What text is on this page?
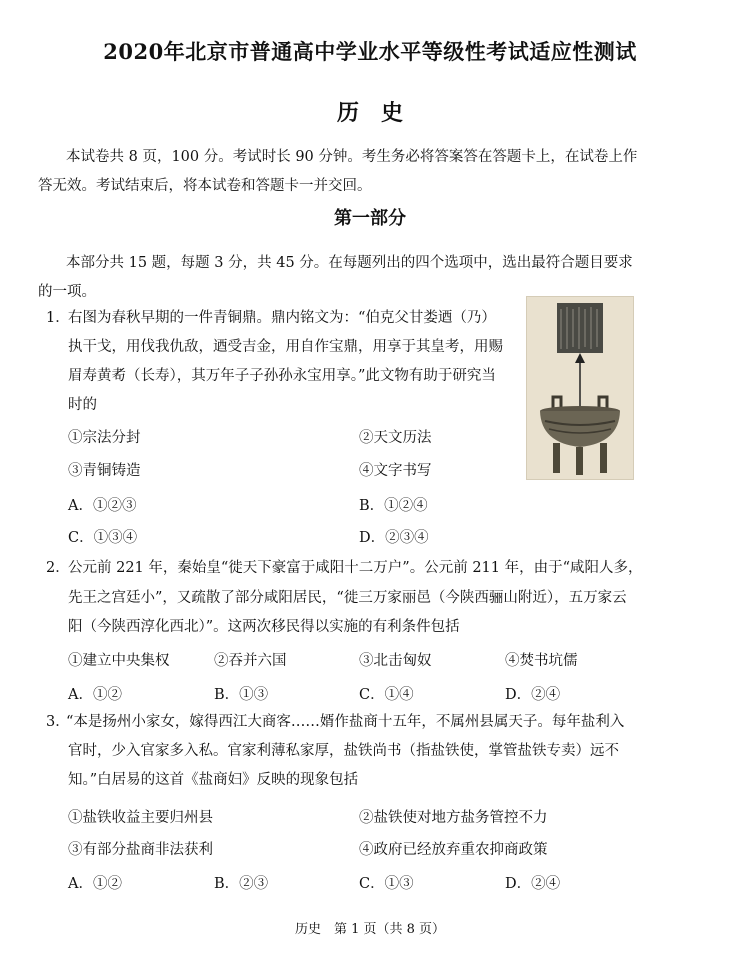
2020年北京市普通高中学业水平等级性考试适应性测试
历史
本试卷共 8 页，100 分。考试时长 90 分钟。考生务必将答案答在答题卡上，在试卷上作
答无效。考试结束后，将本试卷和答题卡一并交回。
第一部分
本部分共 15 题，每题 3 分，共 45 分。在每题列出的四个选项中，选出最符合题目要求
的一项。
1．
右图为春秋早期的一件青铜鼎。鼎内铭文为：“伯克父甘娄迺（乃）
执干戈，用伐我仇敌，迺受吉金，用自作宝鼎，用享于其皇考，用赐
眉寿黄耇（长寿），其万年子子孙孙永宝用享。”此文物有助于研究当
时的
①宗法分封	②天文历法
③青铜铸造	④文字书写
A．①②③	B．①②④
C．①③④	D．②③④
2．
公元前 221 年，秦始皇“徙天下豪富于咸阳十二万户”。公元前 211 年，由于“咸阳人多，
先王之宫廷小”，又疏散了部分咸阳居民，“徙三万家丽邑（今陕西骊山附近），五万家云
阳（今陕西淳化西北）”。这两次移民得以实施的有利条件包括
①建立中央集权	②吞并六国	③北击匈奴	④焚书坑儒
A．①②	B．①③	C．①④	D．②④
3．
“本是扬州小家女，嫁得西江大商客……婿作盐商十五年，不属州县属天子。每年盐利入
官时，少入官家多入私。官家利薄私家厚，盐铁尚书（指盐铁使，掌管盐铁专卖）远不
知。”白居易的这首《盐商妇》反映的现象包括
①盐铁收益主要归州县	②盐铁使对地方盐务管控不力
③有部分盐商非法获利	④政府已经放弃重农抑商政策
A．①②	B．②③	C．①③	D．②④
历史　第 1 页（共 8 页）
